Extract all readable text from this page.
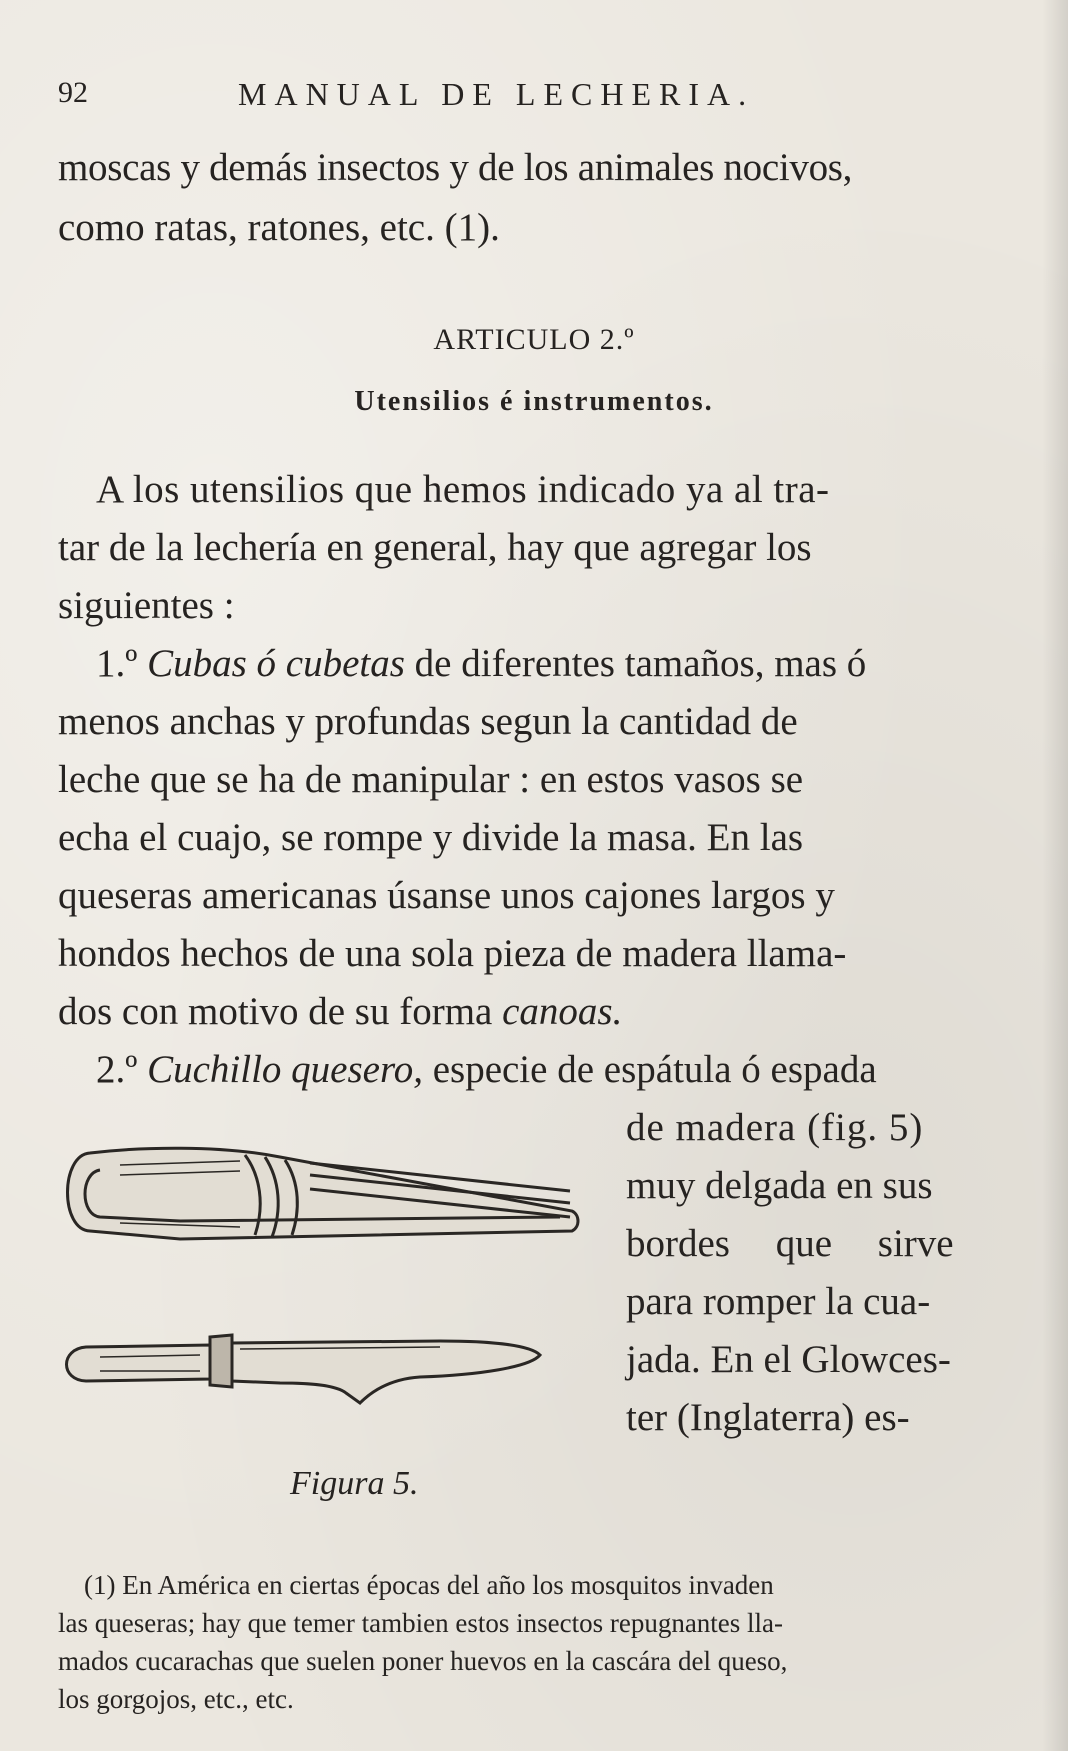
92	MANUAL DE LECHERIA.
moscas y demás insectos y de los animales nocivos,
como ratas, ratones, etc. (1).
ARTICULO 2.º
Utensilios é instrumentos.
A los utensilios que hemos indicado ya al tra-
tar de la lechería en general, hay que agregar los
siguientes :
1.º Cubas ó cubetas de diferentes tamaños, mas ó
menos anchas y profundas segun la cantidad de
leche que se ha de manipular : en estos vasos se
echa el cuajo, se rompe y divide la masa. En las
queseras americanas úsanse unos cajones largos y
hondos hechos de una sola pieza de madera llama-
dos con motivo de su forma canoas.
2.º Cuchillo quesero, especie de espátula ó espada
de madera (fig. 5)
muy delgada en sus
bordes que sirve
para romper la cua-
jada. En el Glowces-
ter (Inglaterra) es-
Figura 5.
(1) En América en ciertas épocas del año los mosquitos invaden
las queseras; hay que temer tambien estos insectos repugnantes lla-
mados cucarachas que suelen poner huevos en la cascára del queso,
los gorgojos, etc., etc.
